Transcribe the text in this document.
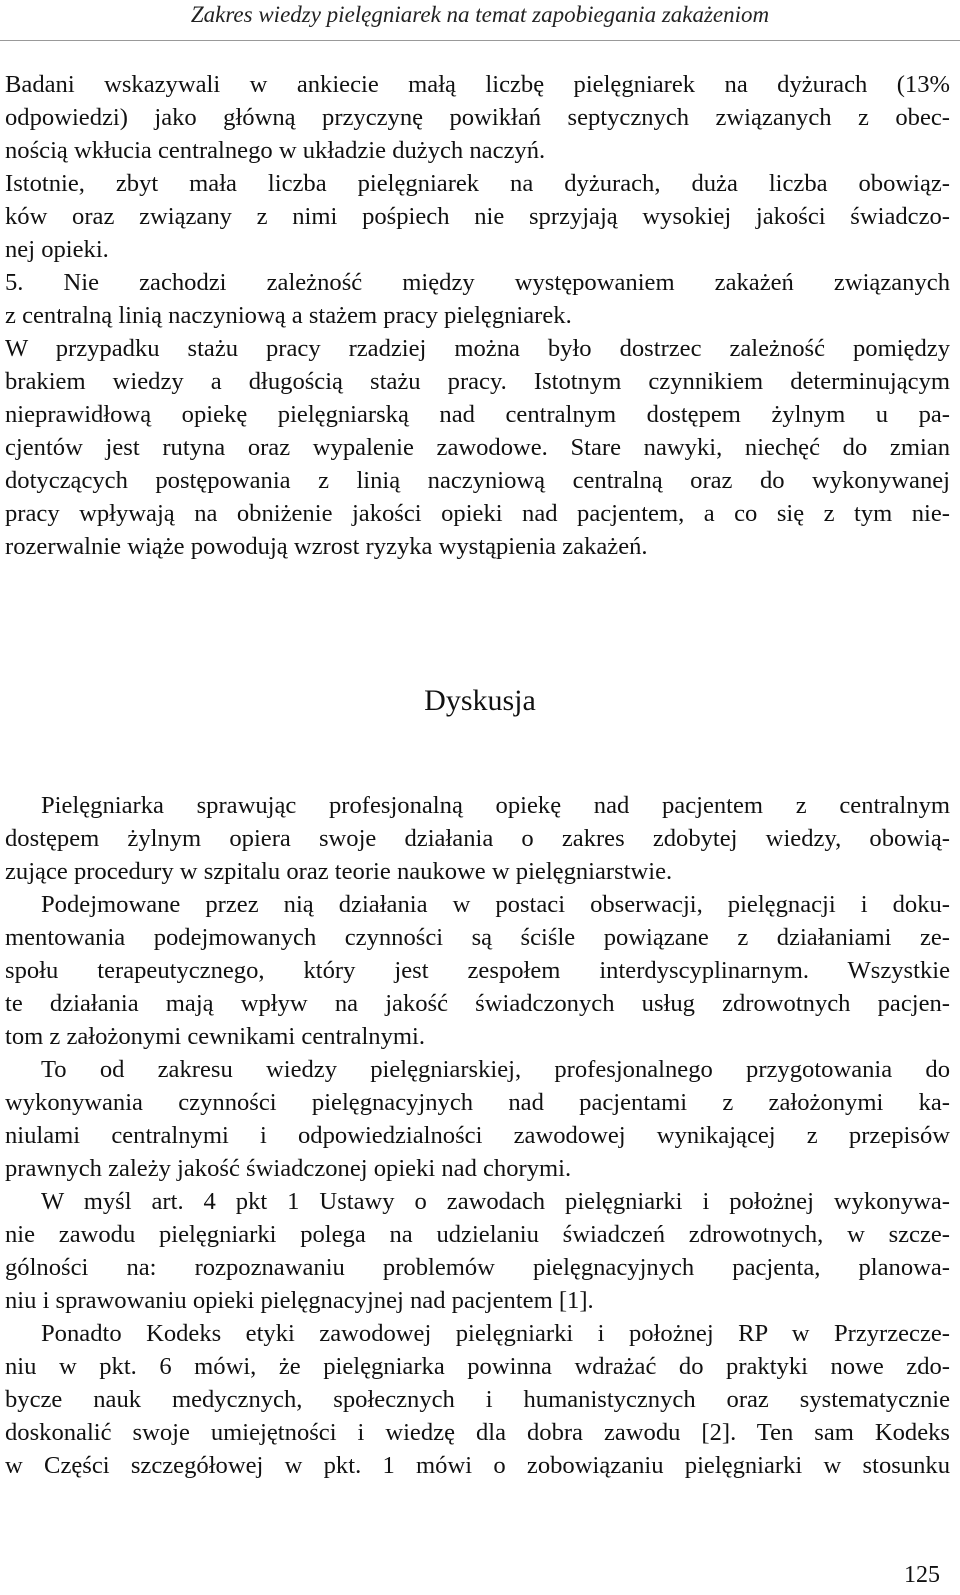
Zakres wiedzy pielęgniarek na temat zapobiegania zakażeniom

Badani wskazywali w ankiecie małą liczbę pielęgniarek na dyżurach (13%
odpowiedzi) jako główną przyczynę powikłań septycznych związanych z obec-
nością wkłucia centralnego w układzie dużych naczyń.

Istotnie, zbyt mała liczba pielęgniarek na dyżurach, duża liczba obowiąz-
ków oraz związany z nimi pośpiech nie sprzyjają wysokiej jakości świadczo-
nej opieki.

5. Nie zachodzi zależność między występowaniem zakażeń związanych
z centralną linią naczyniową a stażem pracy pielęgniarek.

W przypadku stażu pracy rzadziej można było dostrzec zależność pomiędzy
brakiem wiedzy a długością stażu pracy. Istotnym czynnikiem determinującym
nieprawidłową opiekę pielęgniarską nad centralnym dostępem żylnym u pa-
cjentów jest rutyna oraz wypalenie zawodowe. Stare nawyki, niechęć do zmian
dotyczących postępowania z linią naczyniową centralną oraz do wykonywanej
pracy wpływają na obniżenie jakości opieki nad pacjentem, a co się z tym nie-
rozerwalnie wiąże powodują wzrost ryzyka wystąpienia zakażeń.

Dyskusja

Pielęgniarka sprawując profesjonalną opiekę nad pacjentem z centralnym
dostępem żylnym opiera swoje działania o zakres zdobytej wiedzy, obowią-
zujące procedury w szpitalu oraz teorie naukowe w pielęgniarstwie.

Podejmowane przez nią działania w postaci obserwacji, pielęgnacji i doku-
mentowania podejmowanych czynności są ściśle powiązane z działaniami ze-
społu terapeutycznego, który jest zespołem interdyscyplinarnym. Wszystkie
te działania mają wpływ na jakość świadczonych usług zdrowotnych pacjen-
tom z założonymi cewnikami centralnymi.

To od zakresu wiedzy pielęgniarskiej, profesjonalnego przygotowania do
wykonywania czynności pielęgnacyjnych nad pacjentami z założonymi ka-
niulami centralnymi i odpowiedzialności zawodowej wynikającej z przepisów
prawnych zależy jakość świadczonej opieki nad chorymi.

W myśl art. 4 pkt 1 Ustawy o zawodach pielęgniarki i położnej wykonywa-
nie zawodu pielęgniarki polega na udzielaniu świadczeń zdrowotnych, w szcze-
gólności na: rozpoznawaniu problemów pielęgnacyjnych pacjenta, planowa-
niu i sprawowaniu opieki pielęgnacyjnej nad pacjentem [1].

Ponadto Kodeks etyki zawodowej pielęgniarki i położnej RP w Przyrzecze-
niu w pkt. 6 mówi, że pielęgniarka powinna wdrażać do praktyki nowe zdo-
bycze nauk medycznych, społecznych i humanistycznych oraz systematycznie
doskonalić swoje umiejętności i wiedzę dla dobra zawodu [2]. Ten sam Kodeks
w Części szczegółowej w pkt. 1 mówi o zobowiązaniu pielęgniarki w stosunku

125
